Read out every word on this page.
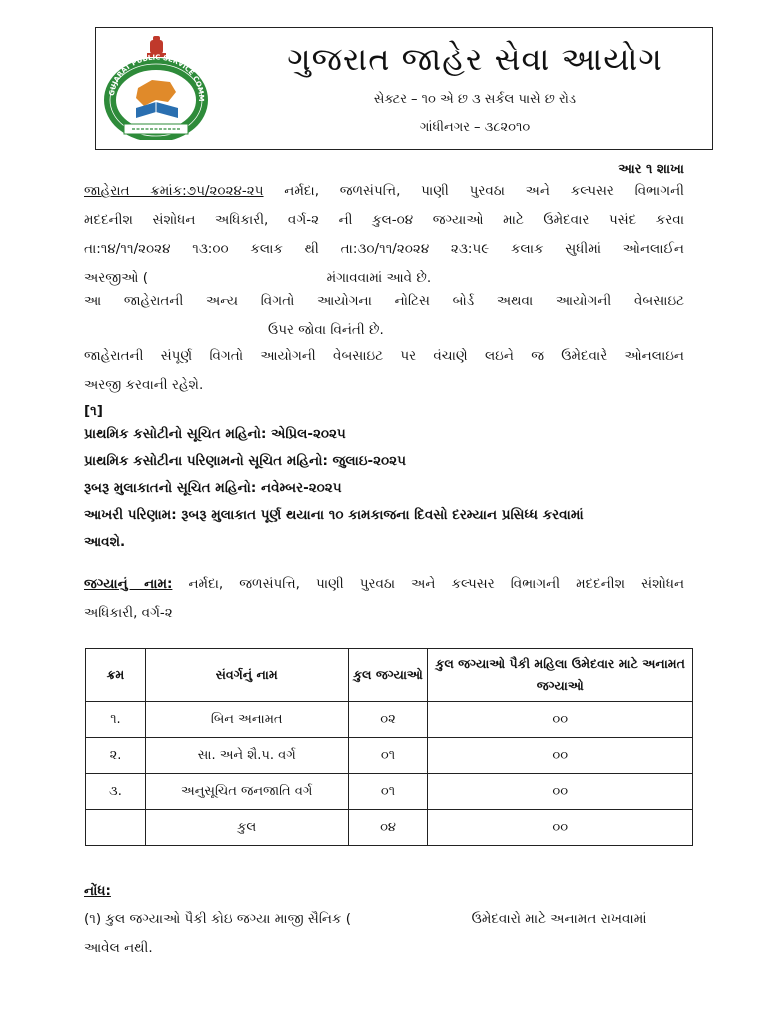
GUJARAT PUBLIC SERVICE COMM
ગુજરાત જાહેર સેવા આયોગ
સેક્ટર – ૧૦ એ છ ૩ સર્કલ પાસે છ રોડ
ગાંધીનગર – ૩૮૨૦૧૦
આર ૧ શાખા
જાહેરાત ક્રમાંક:૭૫/૨૦૨૪-૨૫ નર્મદા, જળસંપત્તિ, પાણી પુરવઠા અને કલ્પસર વિભાગની
મદદનીશ સંશોધન અધિકારી, વર્ગ-૨ ની કુલ-૦૪ જગ્યાઓ માટે ઉમેદવાર પસંદ કરવા
તા:૧૪/૧૧/૨૦૨૪ ૧૩:૦૦ કલાક થી તા:૩૦/૧૧/૨૦૨૪ ૨૩:૫૯ કલાક સુધીમાં ઓનલાઈન
અરજીઓ (	મંગાવવામાં આવે છે.
આ જાહેરાતની અન્ય વિગતો આયોગના નોટિસ બોર્ડ અથવા આયોગની વેબસાઇટ
ઉપર જોવા વિનંતી છે.
જાહેરાતની સંપૂર્ણ વિગતો આયોગની વેબસાઇટ પર વંચાણે લઇને જ ઉમેદવારે ઓનલાઇન
અરજી કરવાની રહેશે.
[૧]
પ્રાથમિક કસોટીનો સૂચિત મહિનો: એપ્રિલ-૨૦૨૫
પ્રાથમિક કસોટીના પરિણામનો સૂચિત મહિનો: જુલાઇ-૨૦૨૫
રૂબરૂ મુલાકાતનો સૂચિત મહિનો: નવેમ્બર-૨૦૨૫
આખરી પરિણામ: રૂબરૂ મુલાકાત પૂર્ણ થયાના ૧૦ કામકાજના દિવસો દરમ્યાન પ્રસિધ્ધ કરવામાં
આવશે.
જગ્યાનું નામ: નર્મદા, જળસંપત્તિ, પાણી પુરવઠા અને કલ્પસર વિભાગની મદદનીશ સંશોધન
અધિકારી, વર્ગ-૨
ક્રમ	સંવર્ગનું નામ	કુલ જગ્યાઓ	કુલ જગ્યાઓ પૈકી મહિલા ઉમેદવાર માટે અનામત જગ્યાઓ
૧.	બિન અનામત	૦૨	૦૦
૨.	સા. અને શૈ.પ. વર્ગ	૦૧	૦૦
૩.	અનુસૂચિત જનજાતિ વર્ગ	૦૧	૦૦
	કુલ	૦૪	૦૦
નોંધ:
(૧) કુલ જગ્યાઓ પૈકી કોઇ જગ્યા માજી સૈનિક (	ઉમેદવારો માટે અનામત રાખવામાં
આવેલ નથી.
